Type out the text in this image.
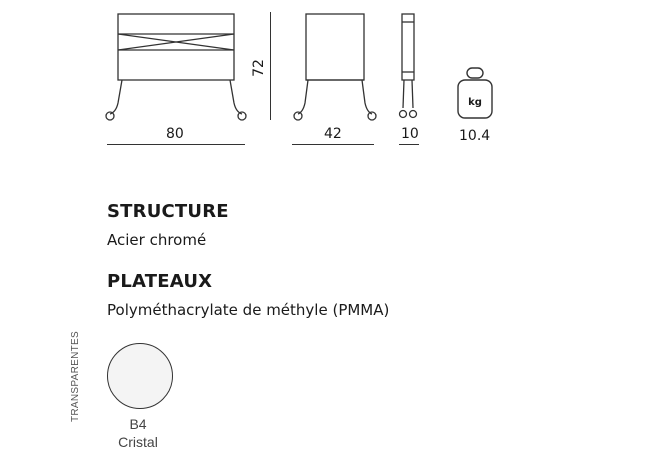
80
72
42	10
kg
10.4
STRUCTURE
Acier chromé
PLATEAUX
Polyméthacrylate de méthyle (PMMA)
TRANSPARENTES
B4
Cristal
